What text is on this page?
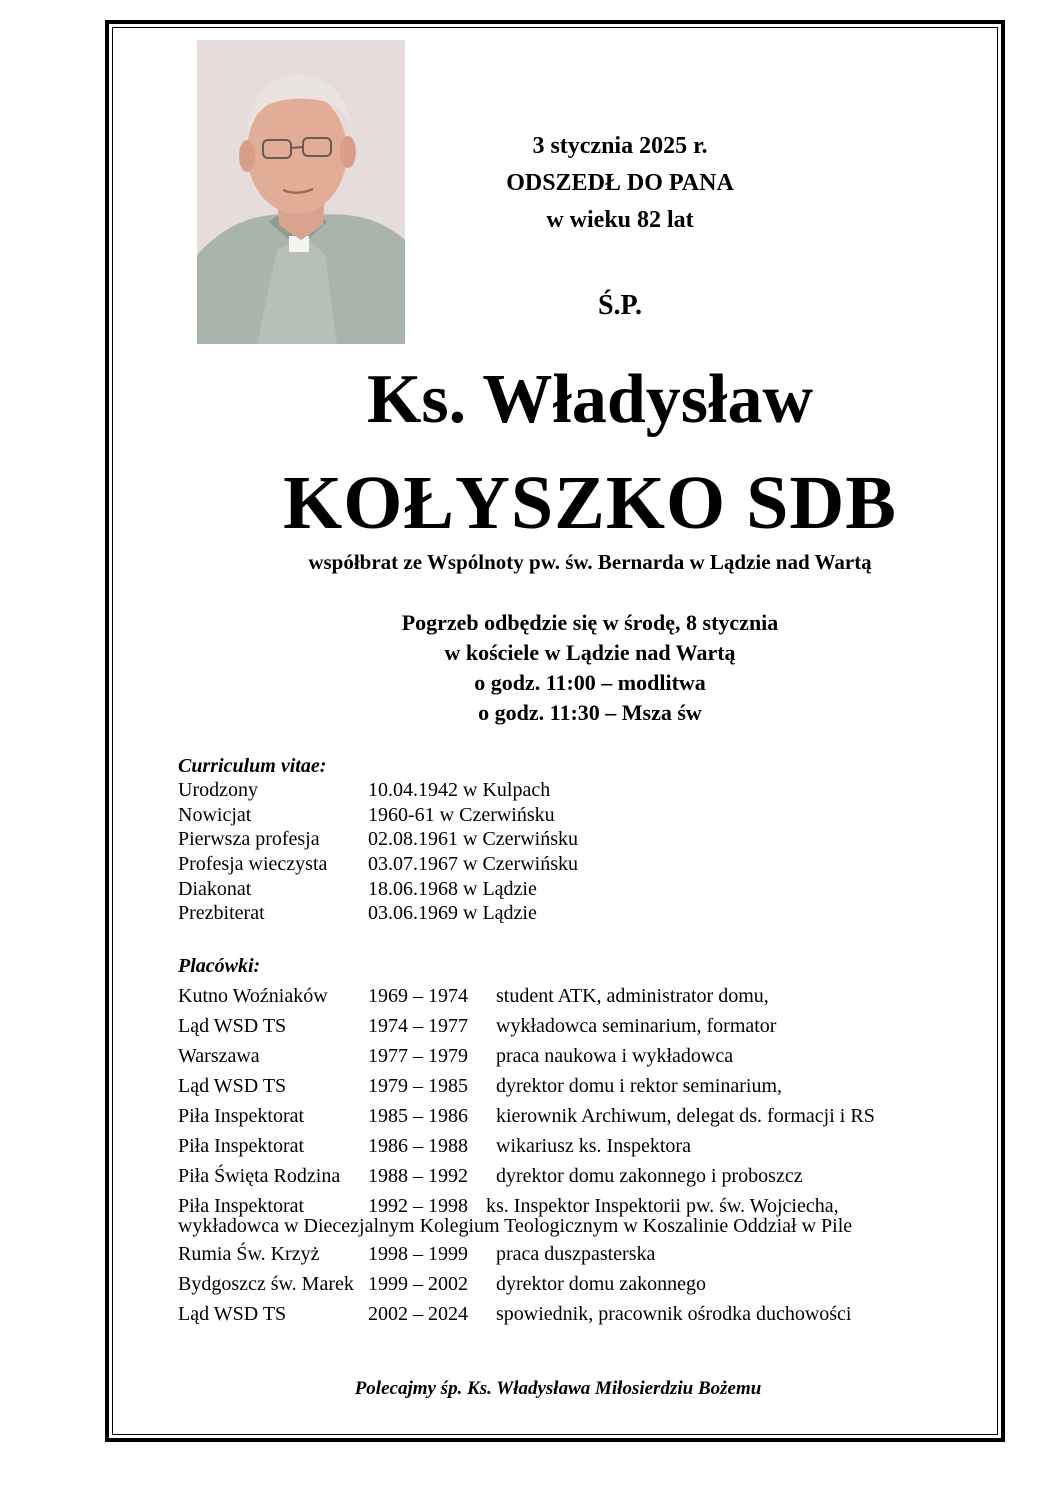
3 stycznia 2025 r.
ODSZEDŁ DO PANA
w wieku 82 lat
Ś.P.
Ks. Władysław
KOŁYSZKO SDB
współbrat ze Wspólnoty pw. św. Bernarda w Lądzie nad Wartą
Pogrzeb odbędzie się w środę, 8 stycznia
w kościele w Lądzie nad Wartą
o godz. 11:00 – modlitwa
o godz. 11:30 – Msza św
Curriculum vitae:
Urodzony	10.04.1942 w Kulpach
Nowicjat	1960-61 w Czerwińsku
Pierwsza profesja	02.08.1961 w Czerwińsku
Profesja wieczysta	03.07.1967 w Czerwińsku
Diakonat	18.06.1968 w Lądzie
Prezbiterat	03.06.1969 w Lądzie
Placówki:
Kutno Woźniaków	1969 – 1974	student ATK, administrator domu,
Ląd WSD TS	1974 – 1977	wykładowca seminarium, formator
Warszawa	1977 – 1979	praca naukowa i wykładowca
Ląd WSD TS	1979 – 1985	dyrektor domu i rektor seminarium,
Piła Inspektorat	1985 – 1986	kierownik Archiwum, delegat ds. formacji i RS
Piła Inspektorat	1986 – 1988	wikariusz ks. Inspektora
Piła Święta Rodzina	1988 – 1992	dyrektor domu zakonnego i proboszcz
Piła Inspektorat	1992 – 1998 ks. Inspektor Inspektorii pw. św. Wojciecha,
wykładowca w Diecezjalnym Kolegium Teologicznym w Koszalinie Oddział w Pile
Rumia Św. Krzyż	1998 – 1999	praca duszpasterska
Bydgoszcz św. Marek 1999 – 2002	dyrektor domu zakonnego
Ląd WSD TS	2002 – 2024	spowiednik, pracownik ośrodka duchowości
Polecajmy śp. Ks. Władysława Miłosierdziu Bożemu
